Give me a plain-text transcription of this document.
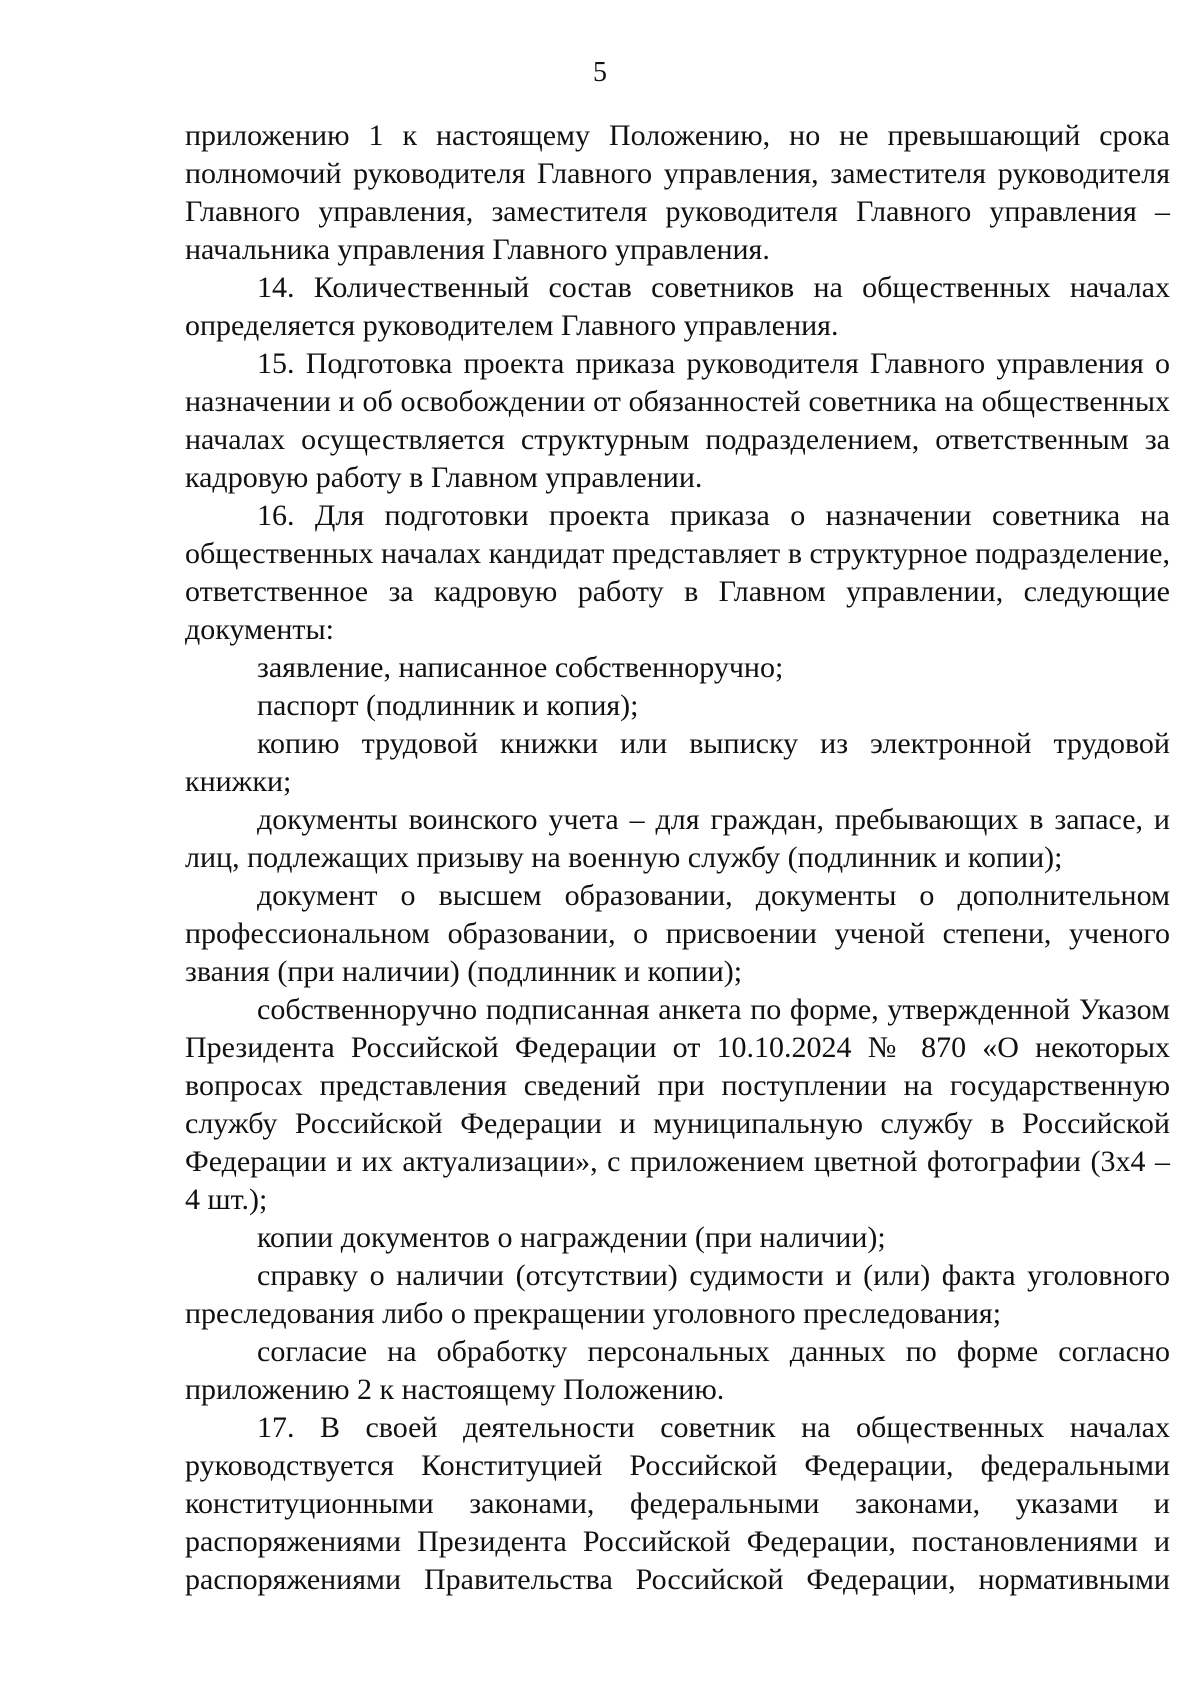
5

приложению 1 к настоящему Положению, но не превышающий срока полномочий руководителя Главного управления, заместителя руководителя Главного управления, заместителя руководителя Главного управления – начальника управления Главного управления.

14. Количественный состав советников на общественных началах определяется руководителем Главного управления.

15. Подготовка проекта приказа руководителя Главного управления о назначении и об освобождении от обязанностей советника на общественных началах осуществляется структурным подразделением, ответственным за кадровую работу в Главном управлении.

16. Для подготовки проекта приказа о назначении советника на общественных началах кандидат представляет в структурное подразделение, ответственное за кадровую работу в Главном управлении, следующие документы:

заявление, написанное собственноручно;

паспорт (подлинник и копия);

копию трудовой книжки или выписку из электронной трудовой книжки;

документы воинского учета – для граждан, пребывающих в запасе, и лиц, подлежащих призыву на военную службу (подлинник и копии);

документ о высшем образовании, документы о дополнительном профессиональном образовании, о присвоении ученой степени, ученого звания (при наличии) (подлинник и копии);

собственноручно подписанная анкета по форме, утвержденной Указом Президента Российской Федерации от 10.10.2024 № 870 «О некоторых вопросах представления сведений при поступлении на государственную службу Российской Федерации и муниципальную службу в Российской Федерации и их актуализации», с приложением цветной фотографии (3х4 – 4 шт.);

копии документов о награждении (при наличии);

справку о наличии (отсутствии) судимости и (или) факта уголовного преследования либо о прекращении уголовного преследования;

согласие на обработку персональных данных по форме согласно приложению 2 к настоящему Положению.

17. В своей деятельности советник на общественных началах руководствуется Конституцией Российской Федерации, федеральными конституционными законами, федеральными законами, указами и распоряжениями Президента Российской Федерации, постановлениями и распоряжениями Правительства Российской Федерации, нормативными
